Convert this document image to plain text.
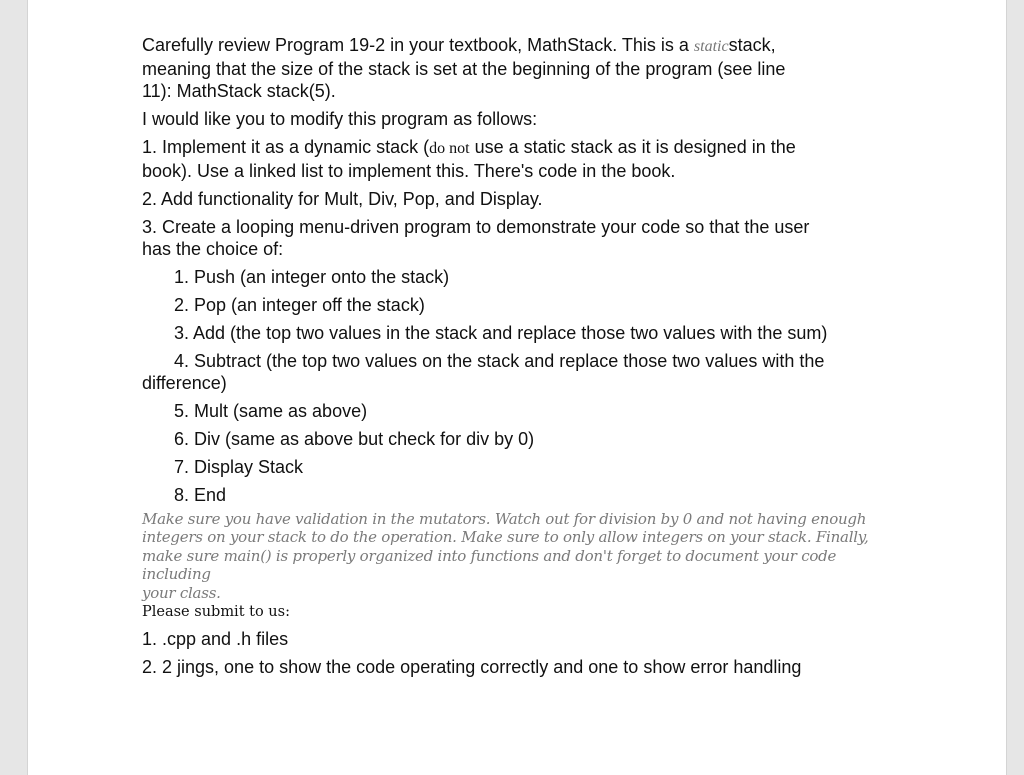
Carefully review Program 19-2 in your textbook, MathStack. This is a staticstack,
meaning that the size of the stack is set at the beginning of the program (see line
11): MathStack stack(5).
I would like you to modify this program as follows:
1. Implement it as a dynamic stack (do not use a static stack as it is designed in the
book). Use a linked list to implement this. There's code in the book.
2. Add functionality for Mult, Div, Pop, and Display.
3. Create a looping menu-driven program to demonstrate your code so that the user
has the choice of:
1. Push (an integer onto the stack)
2. Pop (an integer off the stack)
3. Add (the top two values in the stack and replace those two values with the sum)
4. Subtract (the top two values on the stack and replace those two values with the
difference)
5. Mult (same as above)
6. Div (same as above but check for div by 0)
7. Display Stack
8. End
Make sure you have validation in the mutators. Watch out for division by 0 and not having enough
integers on your stack to do the operation. Make sure to only allow integers on your stack. Finally,
make sure main() is properly organized into functions and don't forget to document your code including
your class.
Please submit to us:
1. .cpp and .h files
2. 2 jings, one to show the code operating correctly and one to show error handling
